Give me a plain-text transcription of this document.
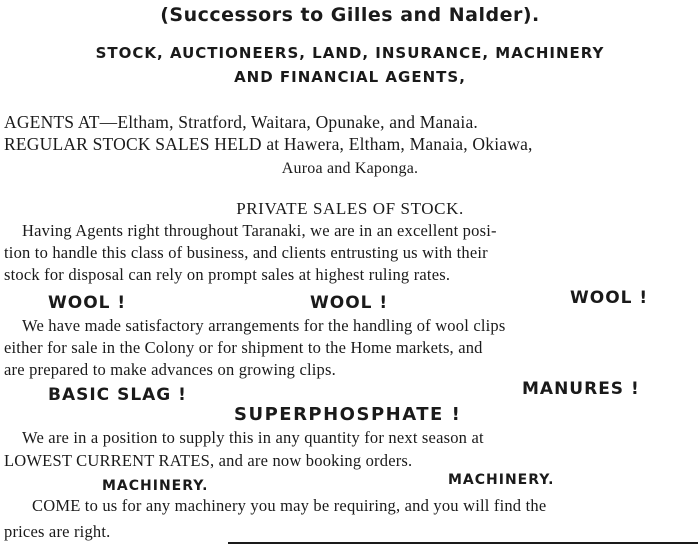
(Successors to Gilles and Nalder).
STOCK, AUCTIONEERS, LAND, INSURANCE, MACHINERY
AND FINANCIAL AGENTS,
AGENTS AT—Eltham, Stratford, Waitara, Opunake, and Manaia.
REGULAR STOCK SALES HELD at Hawera, Eltham, Manaia, Okiawa,
Auroa and Kaponga.
PRIVATE SALES OF STOCK.
Having Agents right throughout Taranaki, we are in an excellent posi-
tion to handle this class of business, and clients entrusting us with their
stock for disposal can rely on prompt sales at highest ruling rates.
WOOL !	WOOL !	WOOL !
We have made satisfactory arrangements for the handling of wool clips
either for sale in the Colony or for shipment to the Home markets, and
are prepared to make advances on growing clips.
BASIC SLAG !	MANURES !
SUPERPHOSPHATE !
We are in a position to supply this in any quantity for next season at
LOWEST CURRENT RATES, and are now booking orders.
MACHINERY.	MACHINERY.
COME to us for any machinery you may be requiring, and you will find the
prices are right.
